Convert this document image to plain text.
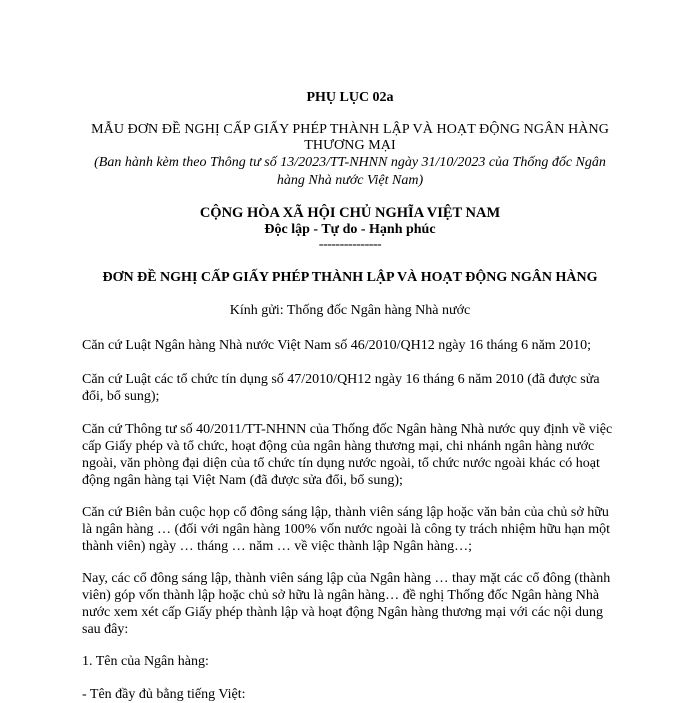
PHỤ LỤC 02a

MẪU ĐƠN ĐỀ NGHỊ CẤP GIẤY PHÉP THÀNH LẬP VÀ HOẠT ĐỘNG NGÂN HÀNG THƯƠNG MẠI

(Ban hành kèm theo Thông tư số 13/2023/TT-NHNN ngày 31/10/2023 của Thống đốc Ngân hàng Nhà nước Việt Nam)

CỘNG HÒA XÃ HỘI CHỦ NGHĨA VIỆT NAM

Độc lập - Tự do - Hạnh phúc

---------------

ĐƠN ĐỀ NGHỊ CẤP GIẤY PHÉP THÀNH LẬP VÀ HOẠT ĐỘNG NGÂN HÀNG

Kính gửi: Thống đốc Ngân hàng Nhà nước

Căn cứ Luật Ngân hàng Nhà nước Việt Nam số 46/2010/QH12 ngày 16 tháng 6 năm 2010;

Căn cứ Luật các tổ chức tín dụng số 47/2010/QH12 ngày 16 tháng 6 năm 2010 (đã được sửa đổi, bổ sung);

Căn cứ Thông tư số 40/2011/TT-NHNN của Thống đốc Ngân hàng Nhà nước quy định về việc cấp Giấy phép và tổ chức, hoạt động của ngân hàng thương mại, chi nhánh ngân hàng nước ngoài, văn phòng đại diện của tổ chức tín dụng nước ngoài, tổ chức nước ngoài khác có hoạt động ngân hàng tại Việt Nam (đã được sửa đổi, bổ sung);

Căn cứ Biên bản cuộc họp cổ đông sáng lập, thành viên sáng lập hoặc văn bản của chủ sở hữu là ngân hàng … (đối với ngân hàng 100% vốn nước ngoài là công ty trách nhiệm hữu hạn một thành viên) ngày … tháng … năm … về việc thành lập Ngân hàng…;

Nay, các cổ đông sáng lập, thành viên sáng lập của Ngân hàng … thay mặt các cổ đông (thành viên) góp vốn thành lập hoặc chủ sở hữu là ngân hàng… đề nghị Thống đốc Ngân hàng Nhà nước xem xét cấp Giấy phép thành lập và hoạt động Ngân hàng thương mại với các nội dung sau đây:

1. Tên của Ngân hàng:

- Tên đầy đủ bằng tiếng Việt:
